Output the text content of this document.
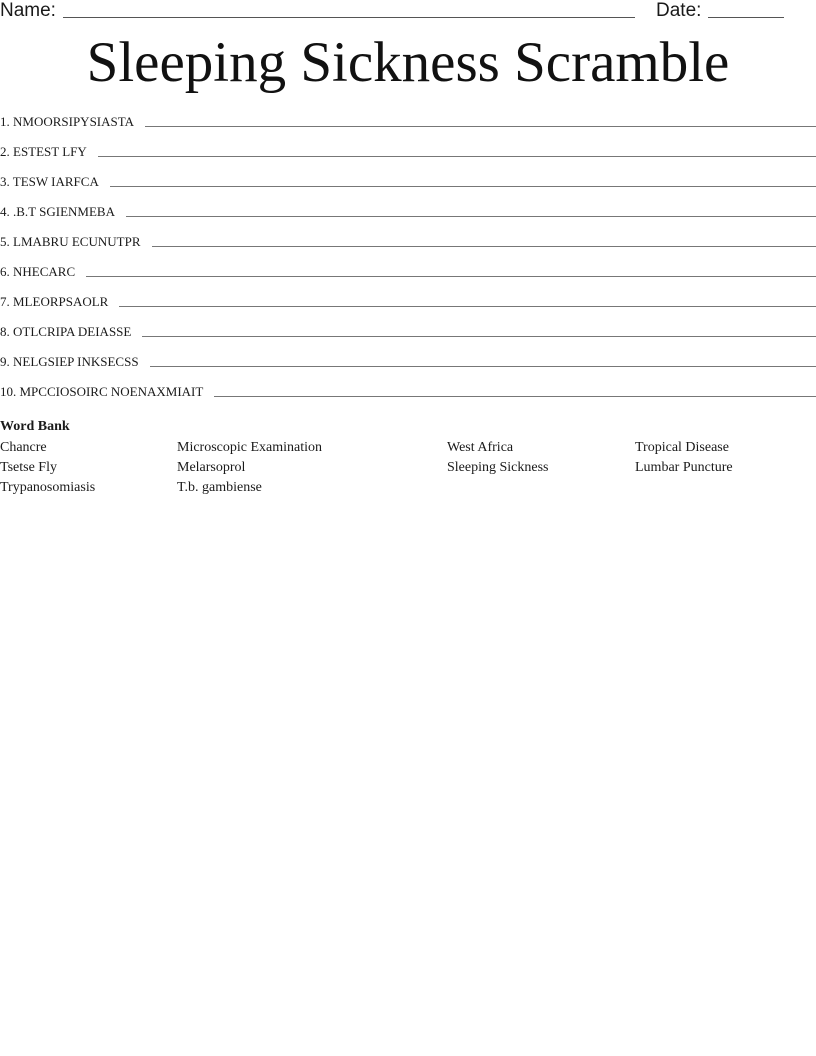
Name:	Date:
Sleeping Sickness Scramble
1. NMOORSIPYSIASTA
2. ESTEST LFY
3. TESW IARFCA
4. .B.T SGIENMEBA
5. LMABRU ECUNUTPR
6. NHECARC
7. MLEORPSAOLR
8. OTLCRIPA DEIASSE
9. NELGSIEP INKSECSS
10. MPCCIOSOIRC NOENAXMIAIT
Word Bank
Chancre
Tsetse Fly
Trypanosomiasis
Microscopic Examination
Melarsoprol
T.b. gambiense
West Africa
Sleeping Sickness
Tropical Disease
Lumbar Puncture
